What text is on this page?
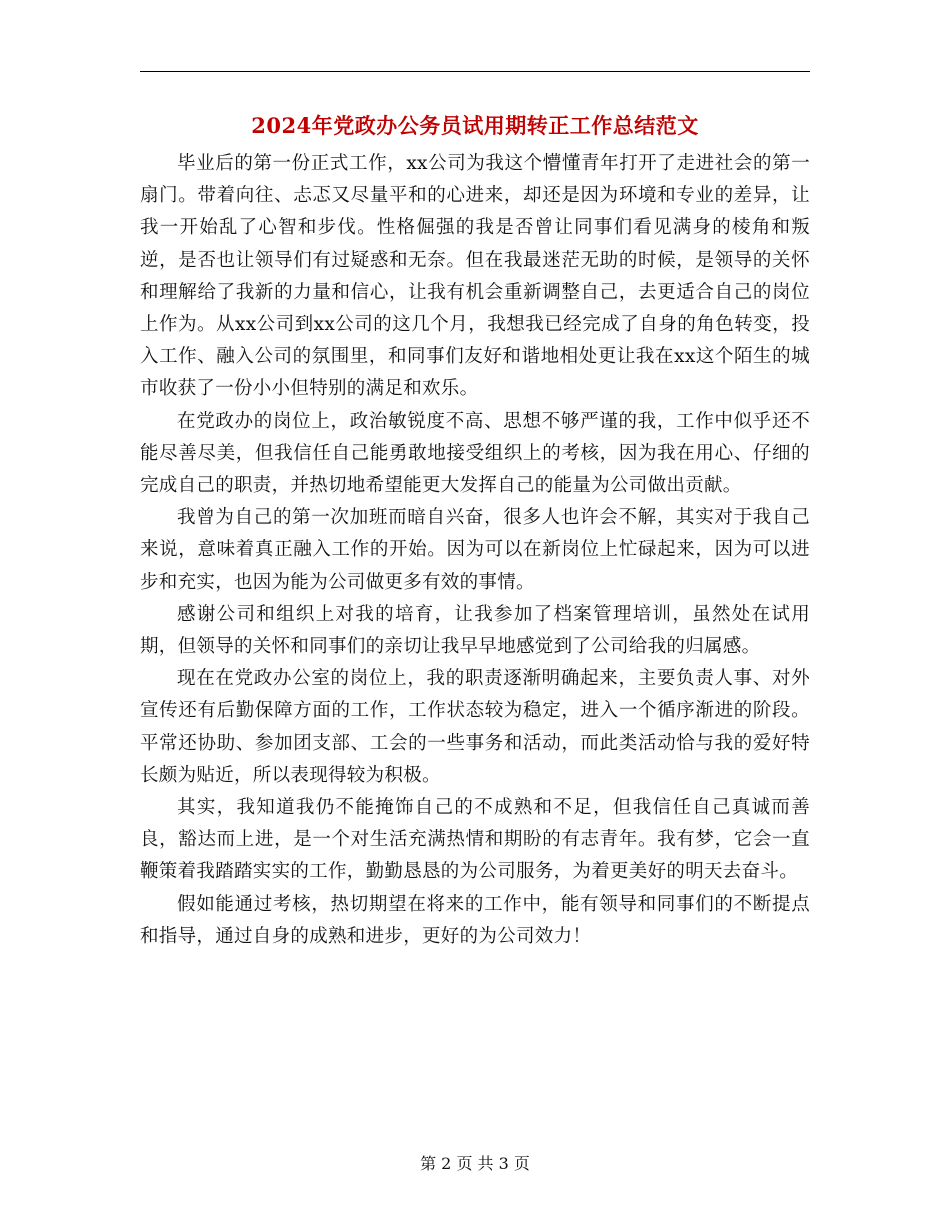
2024年党政办公务员试用期转正工作总结范文

毕业后的第一份正式工作，xx公司为我这个懵懂青年打开了走进社会的第一扇门。带着向往、忐忑又尽量平和的心进来，却还是因为环境和专业的差异，让我一开始乱了心智和步伐。性格倔强的我是否曾让同事们看见满身的棱角和叛逆，是否也让领导们有过疑惑和无奈。但在我最迷茫无助的时候，是领导的关怀和理解给了我新的力量和信心，让我有机会重新调整自己，去更适合自己的岗位上作为。从xx公司到xx公司的这几个月，我想我已经完成了自身的角色转变，投入工作、融入公司的氛围里，和同事们友好和谐地相处更让我在xx这个陌生的城市收获了一份小小但特别的满足和欢乐。

在党政办的岗位上，政治敏锐度不高、思想不够严谨的我，工作中似乎还不能尽善尽美，但我信任自己能勇敢地接受组织上的考核，因为我在用心、仔细的完成自己的职责，并热切地希望能更大发挥自己的能量为公司做出贡献。

我曾为自己的第一次加班而暗自兴奋，很多人也许会不解，其实对于我自己来说，意味着真正融入工作的开始。因为可以在新岗位上忙碌起来，因为可以进步和充实，也因为能为公司做更多有效的事情。

感谢公司和组织上对我的培育，让我参加了档案管理培训，虽然处在试用期，但领导的关怀和同事们的亲切让我早早地感觉到了公司给我的归属感。

现在在党政办公室的岗位上，我的职责逐渐明确起来，主要负责人事、对外宣传还有后勤保障方面的工作，工作状态较为稳定，进入一个循序渐进的阶段。平常还协助、参加团支部、工会的一些事务和活动，而此类活动恰与我的爱好特长颇为贴近，所以表现得较为积极。

其实，我知道我仍不能掩饰自己的不成熟和不足，但我信任自己真诚而善良，豁达而上进，是一个对生活充满热情和期盼的有志青年。我有梦，它会一直鞭策着我踏踏实实的工作，勤勤恳恳的为公司服务，为着更美好的明天去奋斗。

假如能通过考核，热切期望在将来的工作中，能有领导和同事们的不断提点和指导，通过自身的成熟和进步，更好的为公司效力！

第 2 页 共 3 页
